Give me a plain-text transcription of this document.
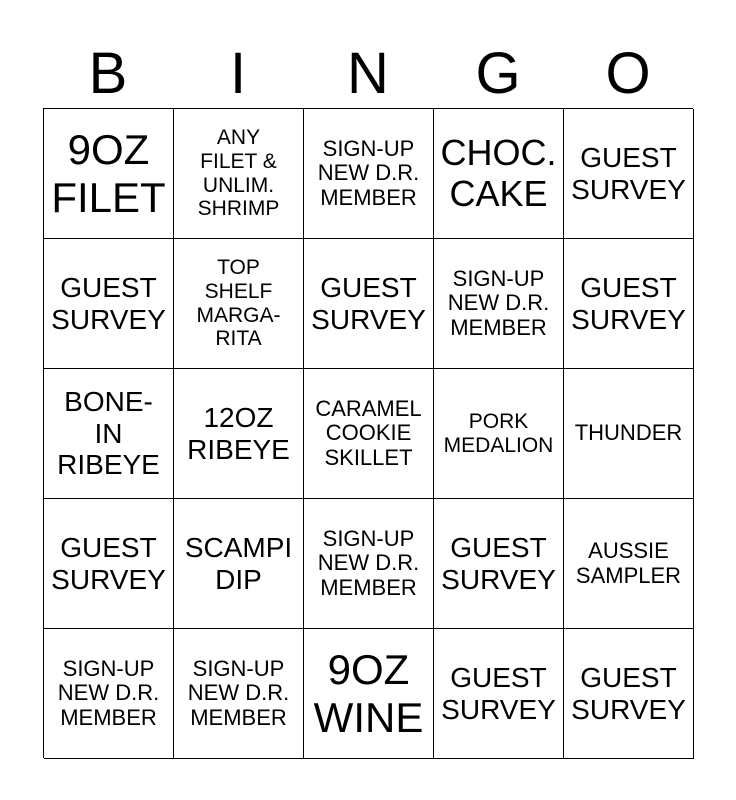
B	I	N	G	O
9OZ
FILET
ANY
FILET &
UNLIM.
SHRIMP
SIGN-UP
NEW D.R.
MEMBER
CHOC.
CAKE
GUEST
SURVEY
GUEST
SURVEY
TOP
SHELF
MARGA-
RITA
GUEST
SURVEY
SIGN-UP
NEW D.R.
MEMBER
GUEST
SURVEY
BONE-
IN
RIBEYE
12OZ
RIBEYE
CARAMEL
COOKIE
SKILLET
PORK
MEDALION THUNDER
GUEST
SURVEY
SCAMPI
DIP
SIGN-UP
NEW D.R.
MEMBER
GUEST
SURVEY
AUSSIE
SAMPLER
SIGN-UP
NEW D.R.
MEMBER
SIGN-UP
NEW D.R.
MEMBER
9OZ
WINE
GUEST
SURVEY
GUEST
SURVEY
